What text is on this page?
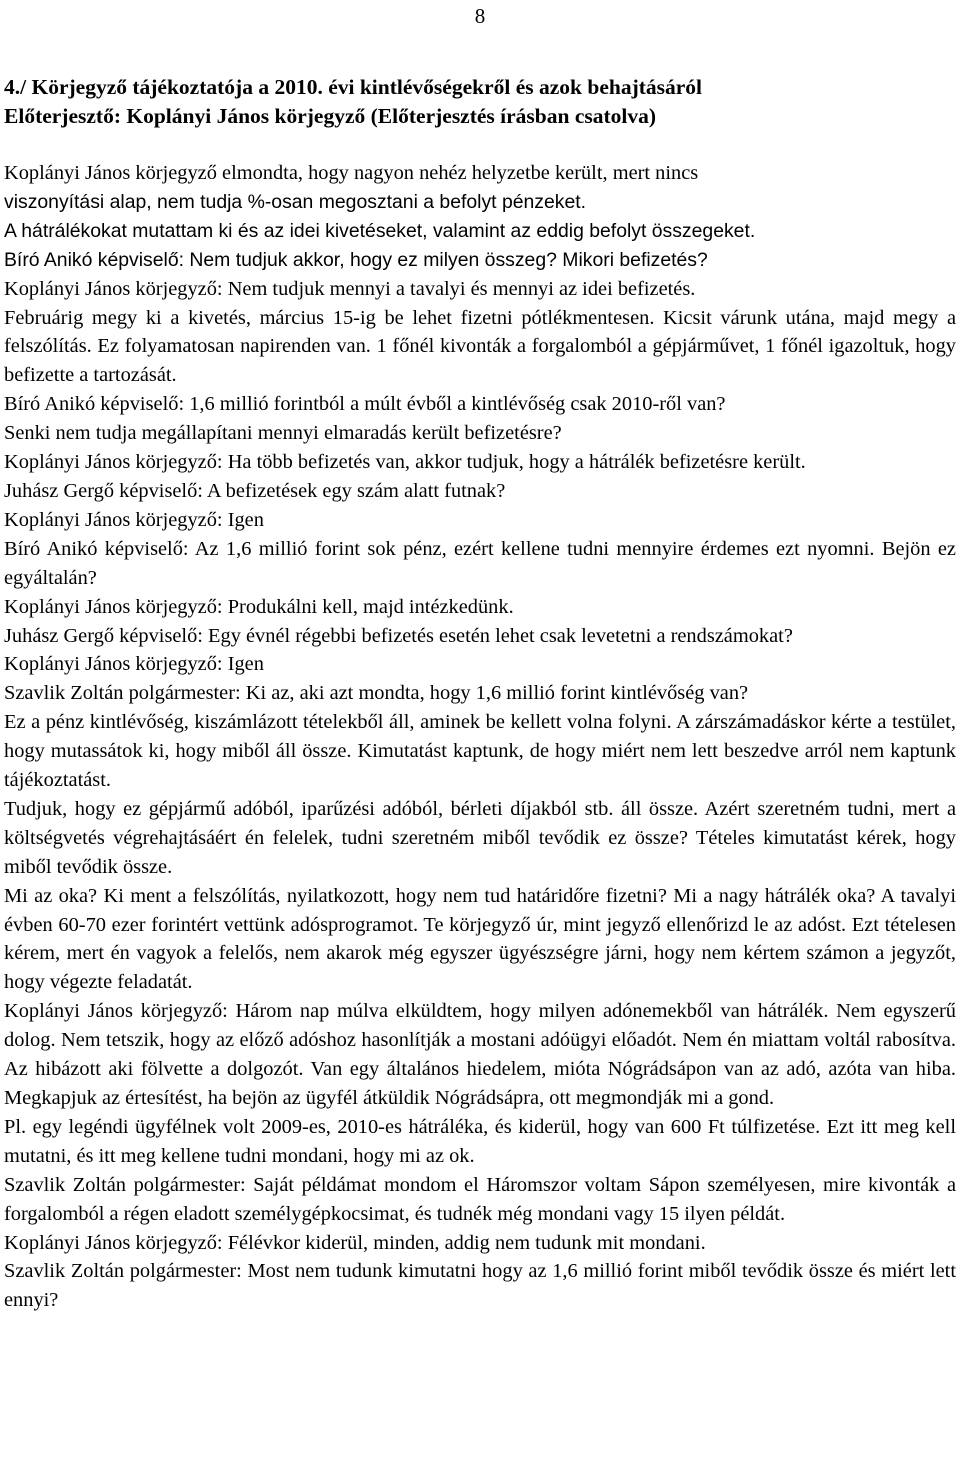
8

4./ Körjegyző tájékoztatója a 2010. évi kintlévőségekről és azok behajtásáról

Előterjesztő: Koplányi János körjegyző (Előterjesztés írásban csatolva)

Koplányi János körjegyző elmondta, hogy nagyon nehéz helyzetbe került, mert nincs

viszonyítási alap, nem tudja %-osan megosztani a befolyt pénzeket.

A hátrálékokat mutattam ki és az idei kivetéseket, valamint az eddig befolyt összegeket.

Bíró Anikó képviselő: Nem tudjuk akkor, hogy ez milyen összeg? Mikori befizetés?

Koplányi János körjegyző: Nem tudjuk mennyi a tavalyi és mennyi az idei befizetés.

Februárig megy ki a kivetés, március 15-ig be lehet fizetni pótlékmentesen. Kicsit várunk utána, majd megy a felszólítás. Ez folyamatosan napirenden van. 1 főnél kivonták a forgalomból a gépjárművet, 1 főnél igazoltuk, hogy befizette a tartozását.

Bíró Anikó képviselő: 1,6 millió forintból a múlt évből a kintlévőség csak 2010-ről van?

Senki nem tudja megállapítani mennyi elmaradás került befizetésre?

Koplányi János körjegyző: Ha több befizetés van, akkor tudjuk, hogy a hátrálék befizetésre került.

Juhász Gergő képviselő: A befizetések egy szám alatt futnak?

Koplányi János körjegyző: Igen

Bíró Anikó képviselő: Az 1,6 millió forint sok pénz, ezért kellene tudni mennyire érdemes ezt nyomni. Bejön ez egyáltalán?

Koplányi János körjegyző: Produkálni kell, majd intézkedünk.

Juhász Gergő képviselő: Egy évnél régebbi befizetés esetén lehet csak levetetni a rendszámokat?

Koplányi János körjegyző: Igen

Szavlik Zoltán polgármester: Ki az, aki azt mondta, hogy 1,6 millió forint kintlévőség van?

Ez a pénz kintlévőség, kiszámlázott tételekből áll, aminek be kellett volna folyni. A zárszámadáskor kérte a testület, hogy mutassátok ki, hogy miből áll össze. Kimutatást kaptunk, de hogy miért nem lett beszedve arról nem kaptunk tájékoztatást.

Tudjuk, hogy ez gépjármű adóból, iparűzési adóból, bérleti díjakból stb. áll össze. Azért szeretném tudni, mert a költségvetés végrehajtásáért én felelek, tudni szeretném miből tevődik ez össze? Tételes kimutatást kérek, hogy miből tevődik össze.

Mi az oka? Ki ment a felszólítás, nyilatkozott, hogy nem tud határidőre fizetni? Mi a nagy hátrálék oka? A tavalyi évben 60-70 ezer forintért vettünk adósprogramot. Te körjegyző úr, mint jegyző ellenőrizd le az adóst. Ezt tételesen kérem, mert én vagyok a felelős, nem akarok még egyszer ügyészségre járni, hogy nem kértem számon a jegyzőt, hogy végezte feladatát.

Koplányi János körjegyző: Három nap múlva elküldtem, hogy milyen adónemekből van hátrálék. Nem egyszerű dolog. Nem tetszik, hogy az előző adóshoz hasonlítják a mostani adóügyi előadót. Nem én miattam voltál rabosítva. Az hibázott aki fölvette a dolgozót. Van egy általános hiedelem, mióta Nógrádsápon van az adó, azóta van hiba. Megkapjuk az értesítést, ha bejön az ügyfél átküldik Nógrádsápra, ott megmondják mi a gond.

Pl. egy legéndi ügyfélnek volt 2009-es, 2010-es hátráléka, és kiderül, hogy van 600 Ft túlfizetése. Ezt itt meg kell mutatni, és itt meg kellene tudni mondani, hogy mi az ok.

Szavlik Zoltán polgármester: Saját példámat mondom el Háromszor voltam Sápon személyesen, mire kivonták a forgalomból a régen eladott személygépkocsimat, és tudnék még mondani vagy 15 ilyen példát.

Koplányi János körjegyző: Félévkor kiderül, minden, addig nem tudunk mit mondani.

Szavlik Zoltán polgármester: Most nem tudunk kimutatni hogy az 1,6 millió forint miből tevődik össze és miért lett ennyi?
